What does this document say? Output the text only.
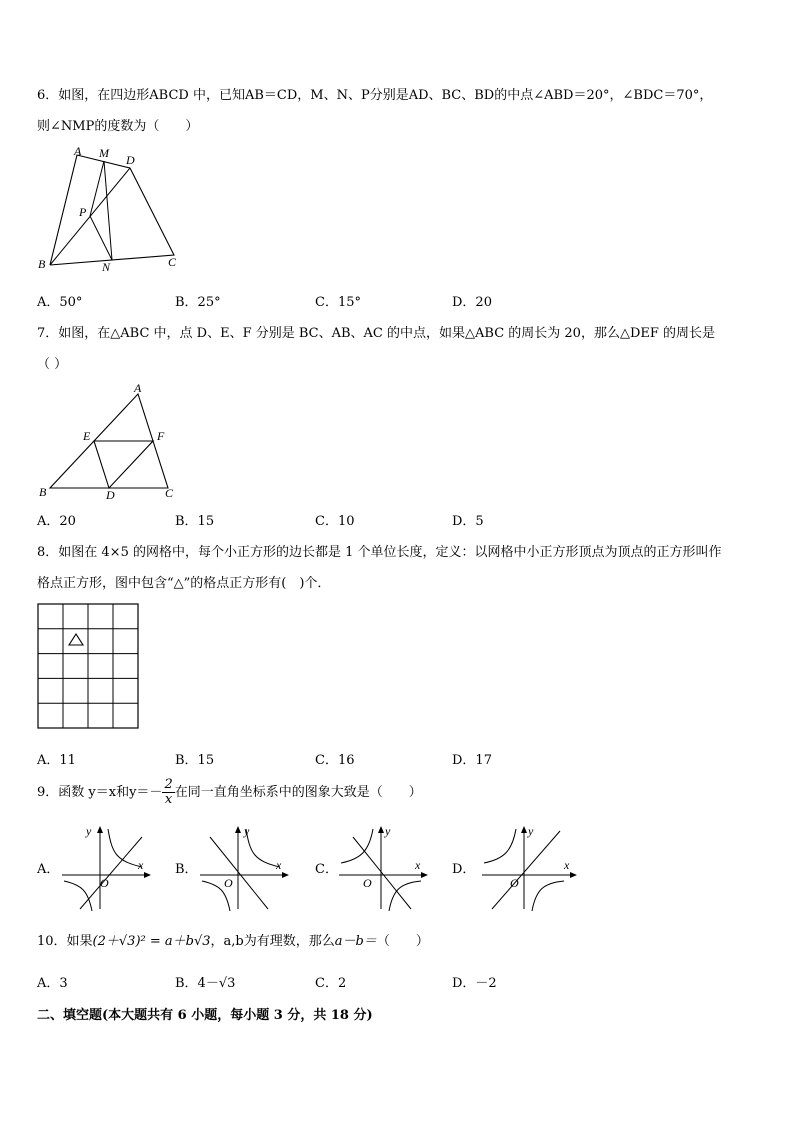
6．如图，在四边形ABCD 中，已知AB＝CD，M、N、P分别是AD、BC、BD的中点∠ABD＝20°，∠BDC＝70°，
则∠NMP的度数为（　　）
A M D
P
B	N	C
A．50°	B．25°	C．15°	D．20
7．如图，在△ABC 中，点 D、E、F 分别是 BC、AB、AC 的中点，如果△ABC 的周长为 20，那么△DEF 的周长是
（ ）
A
E	F
B	D	C
A．20	B．15	C．10	D．5
8．如图在 4×5 的网格中，每个小正方形的边长都是 1 个单位长度，定义：以网格中小正方形顶点为顶点的正方形叫作
格点正方形，图中包含“△”的格点正方形有(　)个．
A．11	B．15	C．16	D．17
9．函数 y＝x和$y=- \frac{2}{x}$ 在同一直角坐标系中的图象大致是（　　）
A．
y
x
O
B．
y
x
O
C．
y
x
O
D．
y
x
O
10．如果(2＋√3)² = a＋b√3，a,b为有理数，那么a－b＝（　　）
A．3	B．4－√3	C．2	D．－2
二、填空题(本大题共有 6 小题，每小题 3 分，共 18 分)
